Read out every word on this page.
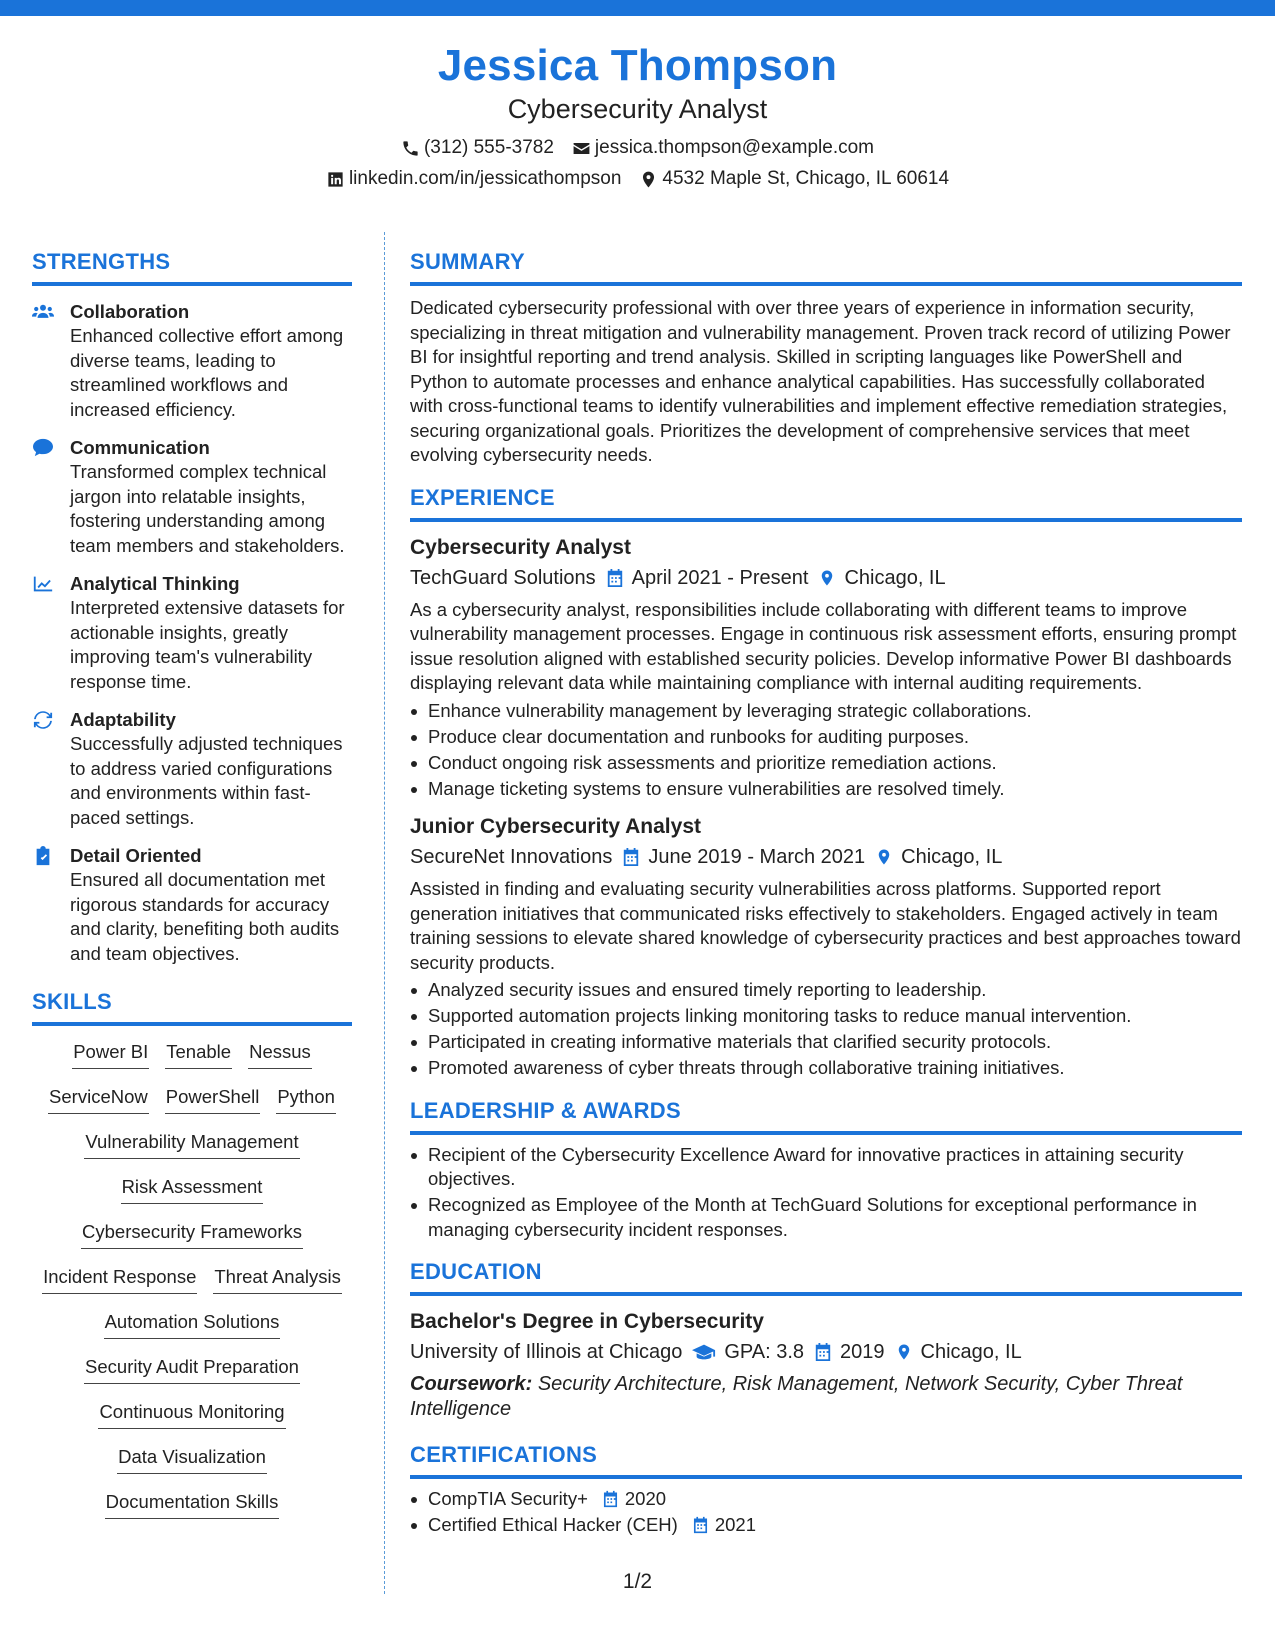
Jessica Thompson
Cybersecurity Analyst
(312) 555-3782 jessica.thompson@example.com
linkedin.com/in/jessicathompson 4532 Maple St, Chicago, IL 60614
STRENGTHS
Collaboration
Enhanced collective effort among diverse teams, leading to streamlined workflows and increased efficiency.
Communication
Transformed complex technical jargon into relatable insights, fostering understanding among team members and stakeholders.
Analytical Thinking
Interpreted extensive datasets for actionable insights, greatly improving team's vulnerability response time.
Adaptability
Successfully adjusted techniques to address varied configurations and environments within fast-paced settings.
Detail Oriented
Ensured all documentation met rigorous standards for accuracy and clarity, benefiting both audits and team objectives.
SKILLS
Power BI Tenable Nessus
ServiceNow PowerShell Python
Vulnerability Management
Risk Assessment
Cybersecurity Frameworks
Incident Response Threat Analysis
Automation Solutions
Security Audit Preparation
Continuous Monitoring
Data Visualization
Documentation Skills
SUMMARY
Dedicated cybersecurity professional with over three years of experience in information security, specializing in threat mitigation and vulnerability management. Proven track record of utilizing Power BI for insightful reporting and trend analysis. Skilled in scripting languages like PowerShell and Python to automate processes and enhance analytical capabilities. Has successfully collaborated with cross-functional teams to identify vulnerabilities and implement effective remediation strategies, securing organizational goals. Prioritizes the development of comprehensive services that meet evolving cybersecurity needs.
EXPERIENCE
Cybersecurity Analyst
TechGuard Solutions April 2021 - Present Chicago, IL
As a cybersecurity analyst, responsibilities include collaborating with different teams to improve vulnerability management processes. Engage in continuous risk assessment efforts, ensuring prompt issue resolution aligned with established security policies. Develop informative Power BI dashboards displaying relevant data while maintaining compliance with internal auditing requirements.
Enhance vulnerability management by leveraging strategic collaborations.
Produce clear documentation and runbooks for auditing purposes.
Conduct ongoing risk assessments and prioritize remediation actions.
Manage ticketing systems to ensure vulnerabilities are resolved timely.
Junior Cybersecurity Analyst
SecureNet Innovations June 2019 - March 2021 Chicago, IL
Assisted in finding and evaluating security vulnerabilities across platforms. Supported report generation initiatives that communicated risks effectively to stakeholders. Engaged actively in team training sessions to elevate shared knowledge of cybersecurity practices and best approaches toward security products.
Analyzed security issues and ensured timely reporting to leadership.
Supported automation projects linking monitoring tasks to reduce manual intervention.
Participated in creating informative materials that clarified security protocols.
Promoted awareness of cyber threats through collaborative training initiatives.
LEADERSHIP & AWARDS
Recipient of the Cybersecurity Excellence Award for innovative practices in attaining security objectives.
Recognized as Employee of the Month at TechGuard Solutions for exceptional performance in managing cybersecurity incident responses.
EDUCATION
Bachelor's Degree in Cybersecurity
University of Illinois at Chicago GPA: 3.8 2019 Chicago, IL
Coursework: Security Architecture, Risk Management, Network Security, Cyber Threat Intelligence
CERTIFICATIONS
CompTIA Security+ 2020
Certified Ethical Hacker (CEH) 2021
1/2
